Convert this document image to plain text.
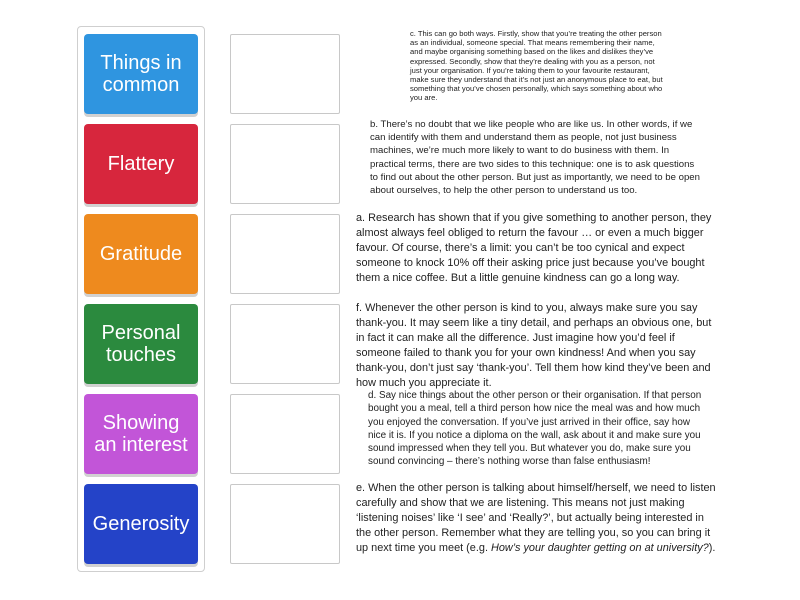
Things in common
Flattery
Gratitude
Personal touches
Showing an interest
Generosity
c. This can go both ways. Firstly, show that you’re treating the other person as an individual, someone special. That means remembering their name, and maybe organising something based on the likes and dislikes they’ve expressed. Secondly, show that they’re dealing with you as a person, not just your organisation. If you’re taking them to your favourite restaurant, make sure they understand that it’s not just an anonymous place to eat, but something that you’ve chosen personally, which says something about who you are.
b. There’s no doubt that we like people who are like us. In other words, if we can identify with them and understand them as people, not just business machines, we’re much more likely to want to do business with them. In practical terms, there are two sides to this technique: one is to ask questions to find out about the other person. But just as importantly, we need to be open about ourselves, to help the other person to understand us too.
a. Research has shown that if you give something to another person, they almost always feel obliged to return the favour … or even a much bigger favour. Of course, there’s a limit: you can’t be too cynical and expect someone to knock 10% off their asking price just because you’ve bought them a nice coffee. But a little genuine kindness can go a long way.
f. Whenever the other person is kind to you, always make sure you say thank-you. It may seem like a tiny detail, and perhaps an obvious one, but in fact it can make all the difference. Just imagine how you’d feel if someone failed to thank you for your own kindness! And when you say thank-you, don’t just say ‘thank-you’. Tell them how kind they’ve been and how much you appreciate it.
d. Say nice things about the other person or their organisation. If that person bought you a meal, tell a third person how nice the meal was and how much you enjoyed the conversation. If you’ve just arrived in their office, say how nice it is. If you notice a diploma on the wall, ask about it and make sure you sound impressed when they tell you. But whatever you do, make sure you sound convincing – there’s nothing worse than false enthusiasm!
e. When the other person is talking about himself/herself, we need to listen carefully and show that we are listening. This means not just making ‘listening noises’ like ‘I see’ and ‘Really?’, but actually being interested in the other person. Remember what they are telling you, so you can bring it up next time you meet (e.g. How’s your daughter getting on at university?).
